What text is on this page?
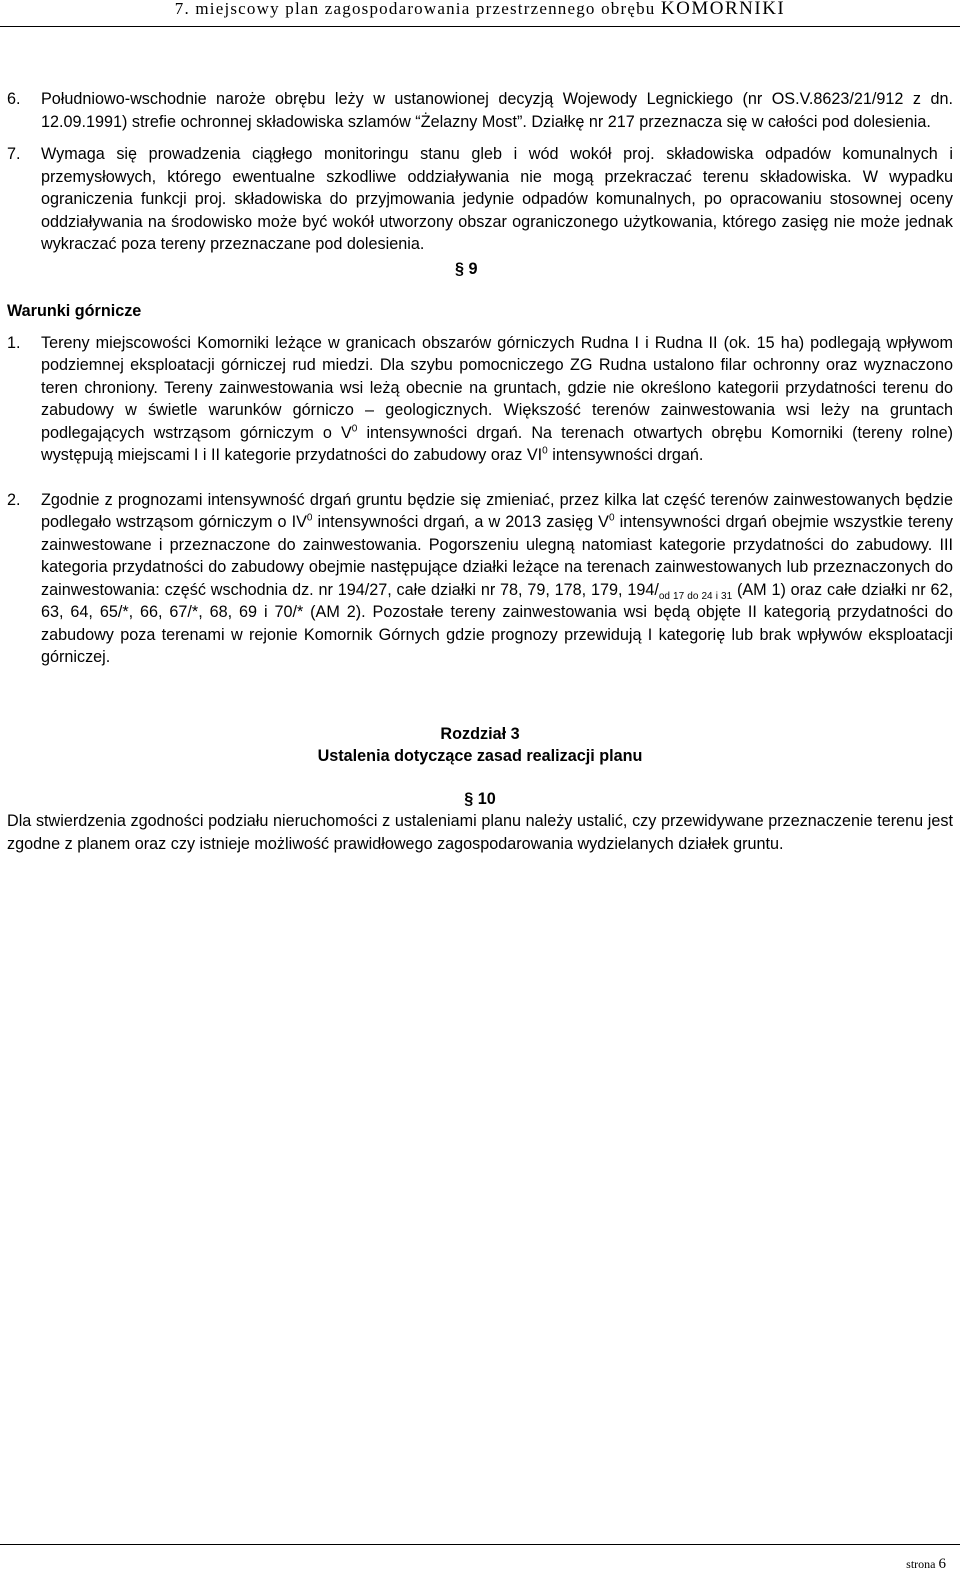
7. miejscowy plan zagospodarowania przestrzennego obrębu KOMORNIKI
6.	Południowo-wschodnie naroże obrębu leży w ustanowionej decyzją Wojewody Legnickiego (nr OS.V.8623/21/912 z dn. 12.09.1991) strefie ochronnej składowiska szlamów “Żelazny Most”. Działkę nr 217 przeznacza się w całości pod dolesienia.
7.	Wymaga się prowadzenia ciągłego monitoringu stanu gleb i wód wokół proj. składowiska odpadów komunalnych i przemysłowych, którego ewentualne szkodliwe oddziaływania nie mogą przekraczać terenu składowiska. W wypadku ograniczenia funkcji proj. składowiska do przyjmowania jedynie odpadów komunalnych, po opracowaniu stosownej oceny oddziaływania na środowisko może być wokół utworzony obszar ograniczonego użytkowania, którego zasięg nie może jednak wykraczać poza tereny przeznaczane pod dolesienia.
§ 9
Warunki górnicze
1.	Tereny miejscowości Komorniki leżące w granicach obszarów górniczych Rudna I i Rudna II (ok. 15 ha) podlegają wpływom podziemnej eksploatacji górniczej rud miedzi. Dla szybu pomocniczego ZG Rudna ustalono filar ochronny oraz wyznaczono teren chroniony. Tereny zainwestowania wsi leżą obecnie na gruntach, gdzie nie określono kategorii przydatności terenu do zabudowy w świetle warunków górniczo – geologicznych. Większość terenów zainwestowania wsi leży na gruntach podlegających wstrząsom górniczym o $V^0$ intensywności drgań. Na terenach otwartych obrębu Komorniki (tereny rolne) występują miejscami I i II kategorie przydatności do zabudowy oraz $VI^0$ intensywności drgań.
2.	Zgodnie z prognozami intensywność drgań gruntu będzie się zmieniać, przez kilka lat część terenów zainwestowanych będzie podlegało wstrząsom górniczym o $IV^0$ intensywności drgań, a w 2013 zasięg $V^0$ intensywności drgań obejmie wszystkie tereny zainwestowane i przeznaczone do zainwestowania. Pogorszeniu ulegną natomiast kategorie przydatności do zabudowy. III kategoria przydatności do zabudowy obejmie następujące działki leżące na terenach zainwestowanych lub przeznaczonych do zainwestowania: część wschodnia dz. nr 194/27, całe działki nr 78, 79, 178, 179, $194/_{od 17 do 24 i 31}$ (AM 1) oraz całe działki nr 62, 63, 64, 65/*, 66, 67/*, 68, 69 i 70/* (AM 2). Pozostałe tereny zainwestowania wsi będą objęte II kategorią przydatności do zabudowy poza terenami w rejonie Komornik Górnych gdzie prognozy przewidują I kategorię lub brak wpływów eksploatacji górniczej.
Rozdział 3
Ustalenia dotyczące zasad realizacji planu
§ 10
Dla stwierdzenia zgodności podziału nieruchomości z ustaleniami planu należy ustalić, czy przewidywane przeznaczenie terenu jest zgodne z planem oraz czy istnieje możliwość prawidłowego zagospodarowania wydzielanych działek gruntu.
strona 6
